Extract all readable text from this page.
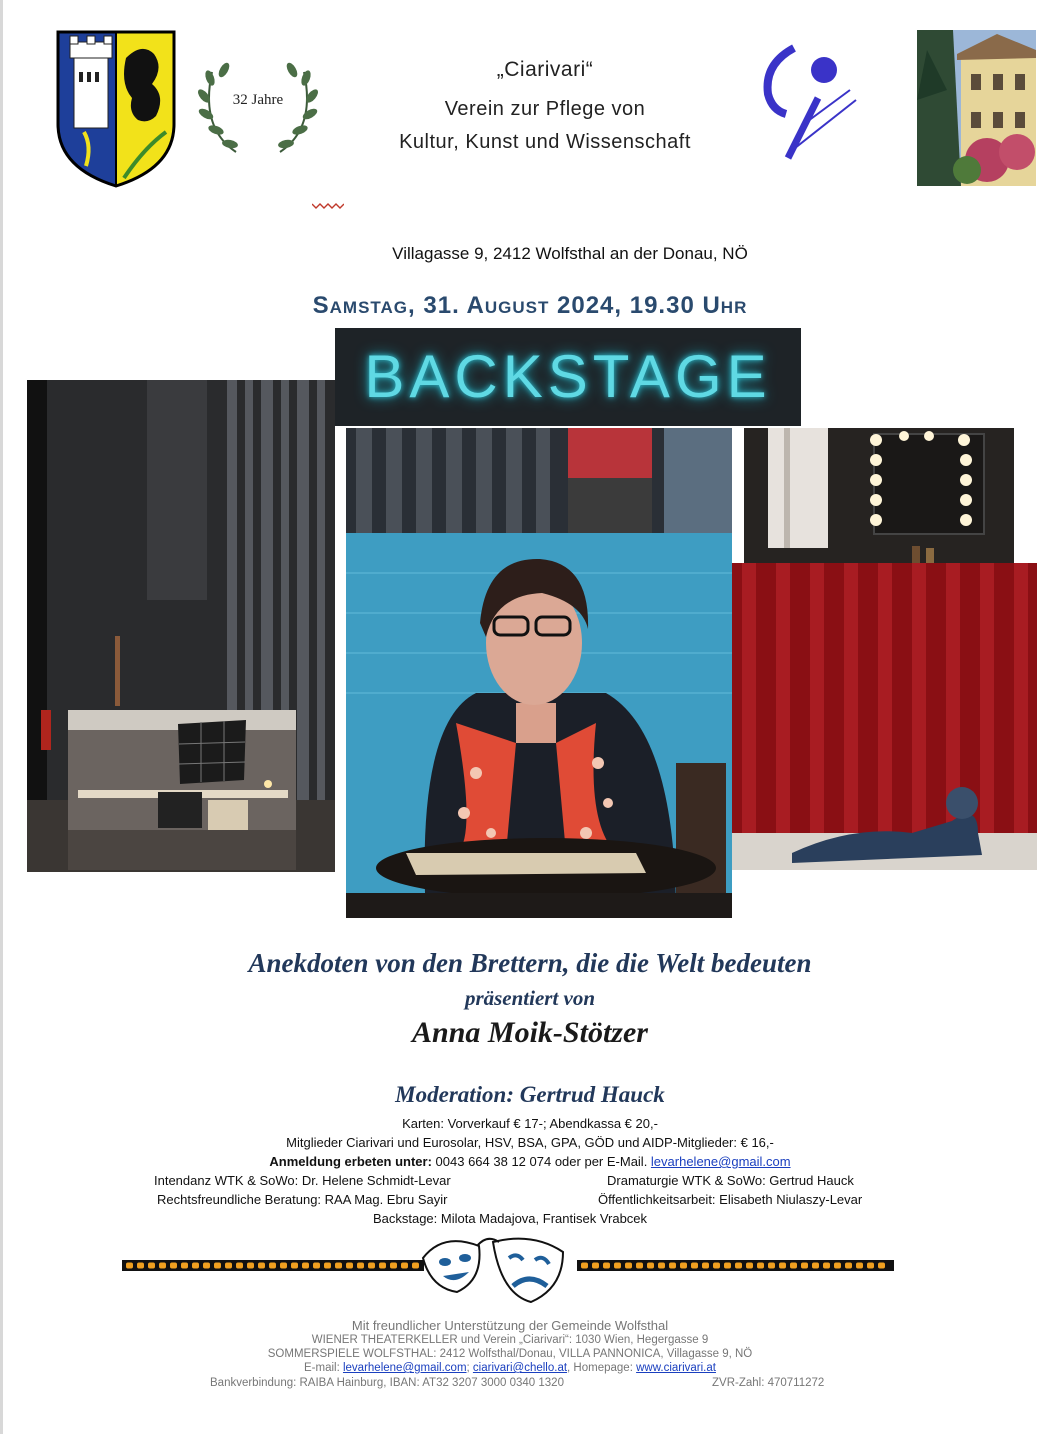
32 Jahre
„Ciarivari“
Verein zur Pflege von
Kultur, Kunst und Wissenschaft
Villagasse 9, 2412 Wolfsthal an der Donau, NÖ
Samstag, 31. August 2024, 19.30 Uhr
BACKSTAGE
Anekdoten von den Brettern, die die Welt bedeuten
präsentiert von
Anna Moik-Stötzer
Moderation: Gertrud Hauck
Karten: Vorverkauf € 17-; Abendkassa € 20,-
Mitglieder Ciarivari und Eurosolar, HSV, BSA, GPA, GÖD und AIDP-Mitglieder: € 16,-
Anmeldung erbeten unter: 0043 664 38 12 074 oder per E-Mail. levarhelene@gmail.com
Intendanz WTK & SoWo: Dr. Helene Schmidt-Levar	Dramaturgie WTK & SoWo: Gertrud Hauck
Rechtsfreundliche Beratung: RAA Mag. Ebru Sayir	Öffentlichkeitsarbeit: Elisabeth Niulaszy-Levar
Backstage: Milota Madajova, Frantisek Vrabcek
Mit freundlicher Unterstützung der Gemeinde Wolfsthal
WIENER THEATERKELLER und Verein „Ciarivari“: 1030 Wien, Hegergasse 9
SOMMERSPIELE WOLFSTHAL: 2412 Wolfsthal/Donau, VILLA PANNONICA, Villagasse 9, NÖ
E-mail: levarhelene@gmail.com; ciarivari@chello.at, Homepage: www.ciarivari.at
Bankverbindung: RAIBA Hainburg, IBAN: AT32 3207 3000 0340 1320	ZVR-Zahl: 470711272
